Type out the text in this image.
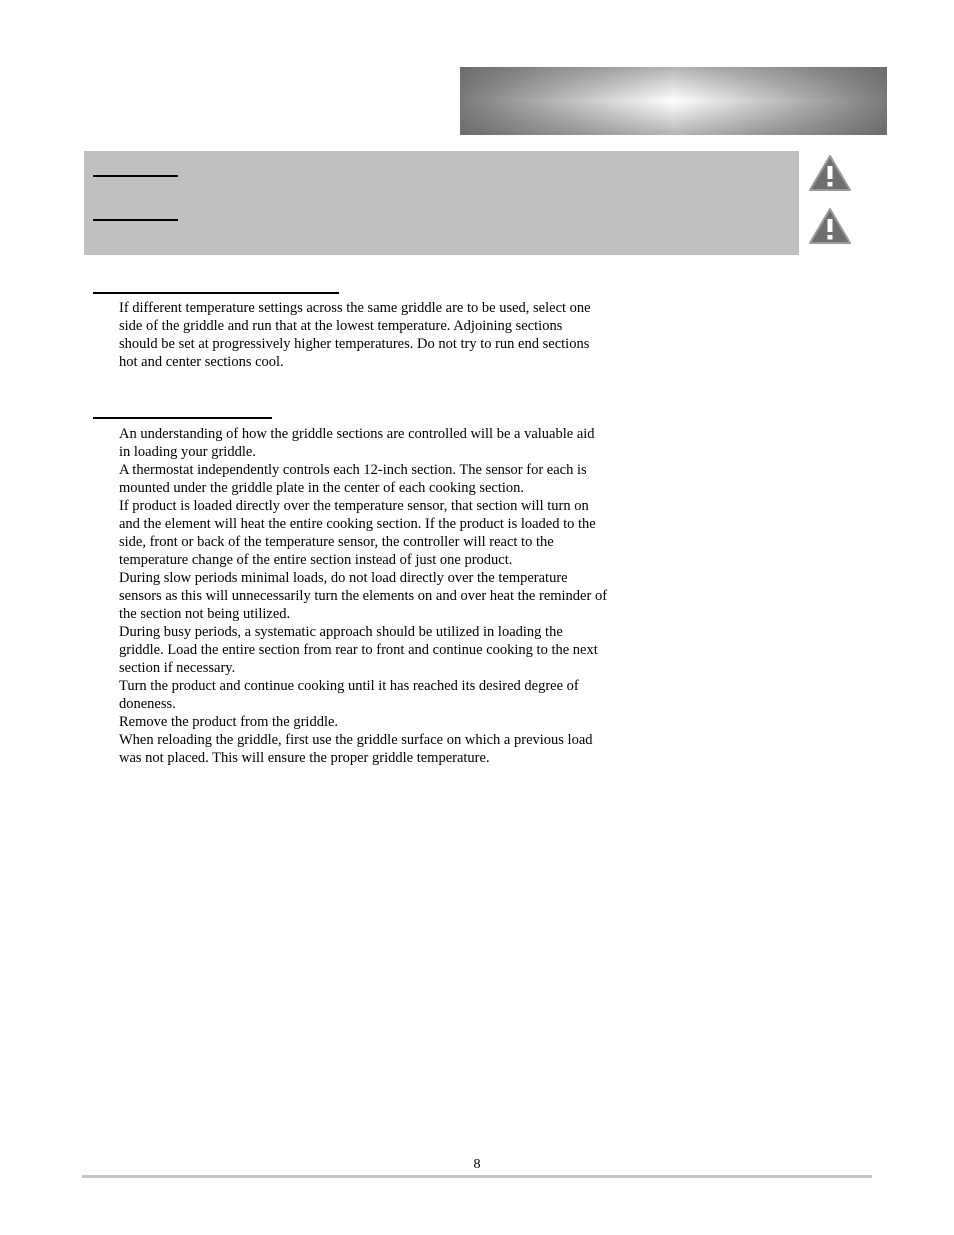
If different temperature settings across the same griddle are to be used, select one

side of the griddle and run that at the lowest temperature. Adjoining sections

should be set at progressively higher temperatures. Do not try to run end sections

hot and center sections cool.

An understanding of how the griddle sections are controlled will be a valuable aid

in loading your griddle.

A thermostat independently controls each 12-inch section. The sensor for each is

mounted under the griddle plate in the center of each cooking section.

If product is loaded directly over the temperature sensor, that section will turn on

and the element will heat the entire cooking section. If the product is loaded to the

side, front or back of the temperature sensor, the controller will react to the

temperature change of the entire section instead of just one product.

During slow periods minimal loads, do not load directly over the temperature

sensors as this will unnecessarily turn the elements on and over heat the reminder of

the section not being utilized.

During busy periods, a systematic approach should be utilized in loading the

griddle. Load the entire section from rear to front and continue cooking to the next

section if necessary.

Turn the product and continue cooking until it has reached its desired degree of

doneness.

Remove the product from the griddle.

When reloading the griddle, first use the griddle surface on which a previous load

was not placed. This will ensure the proper griddle temperature.

8
